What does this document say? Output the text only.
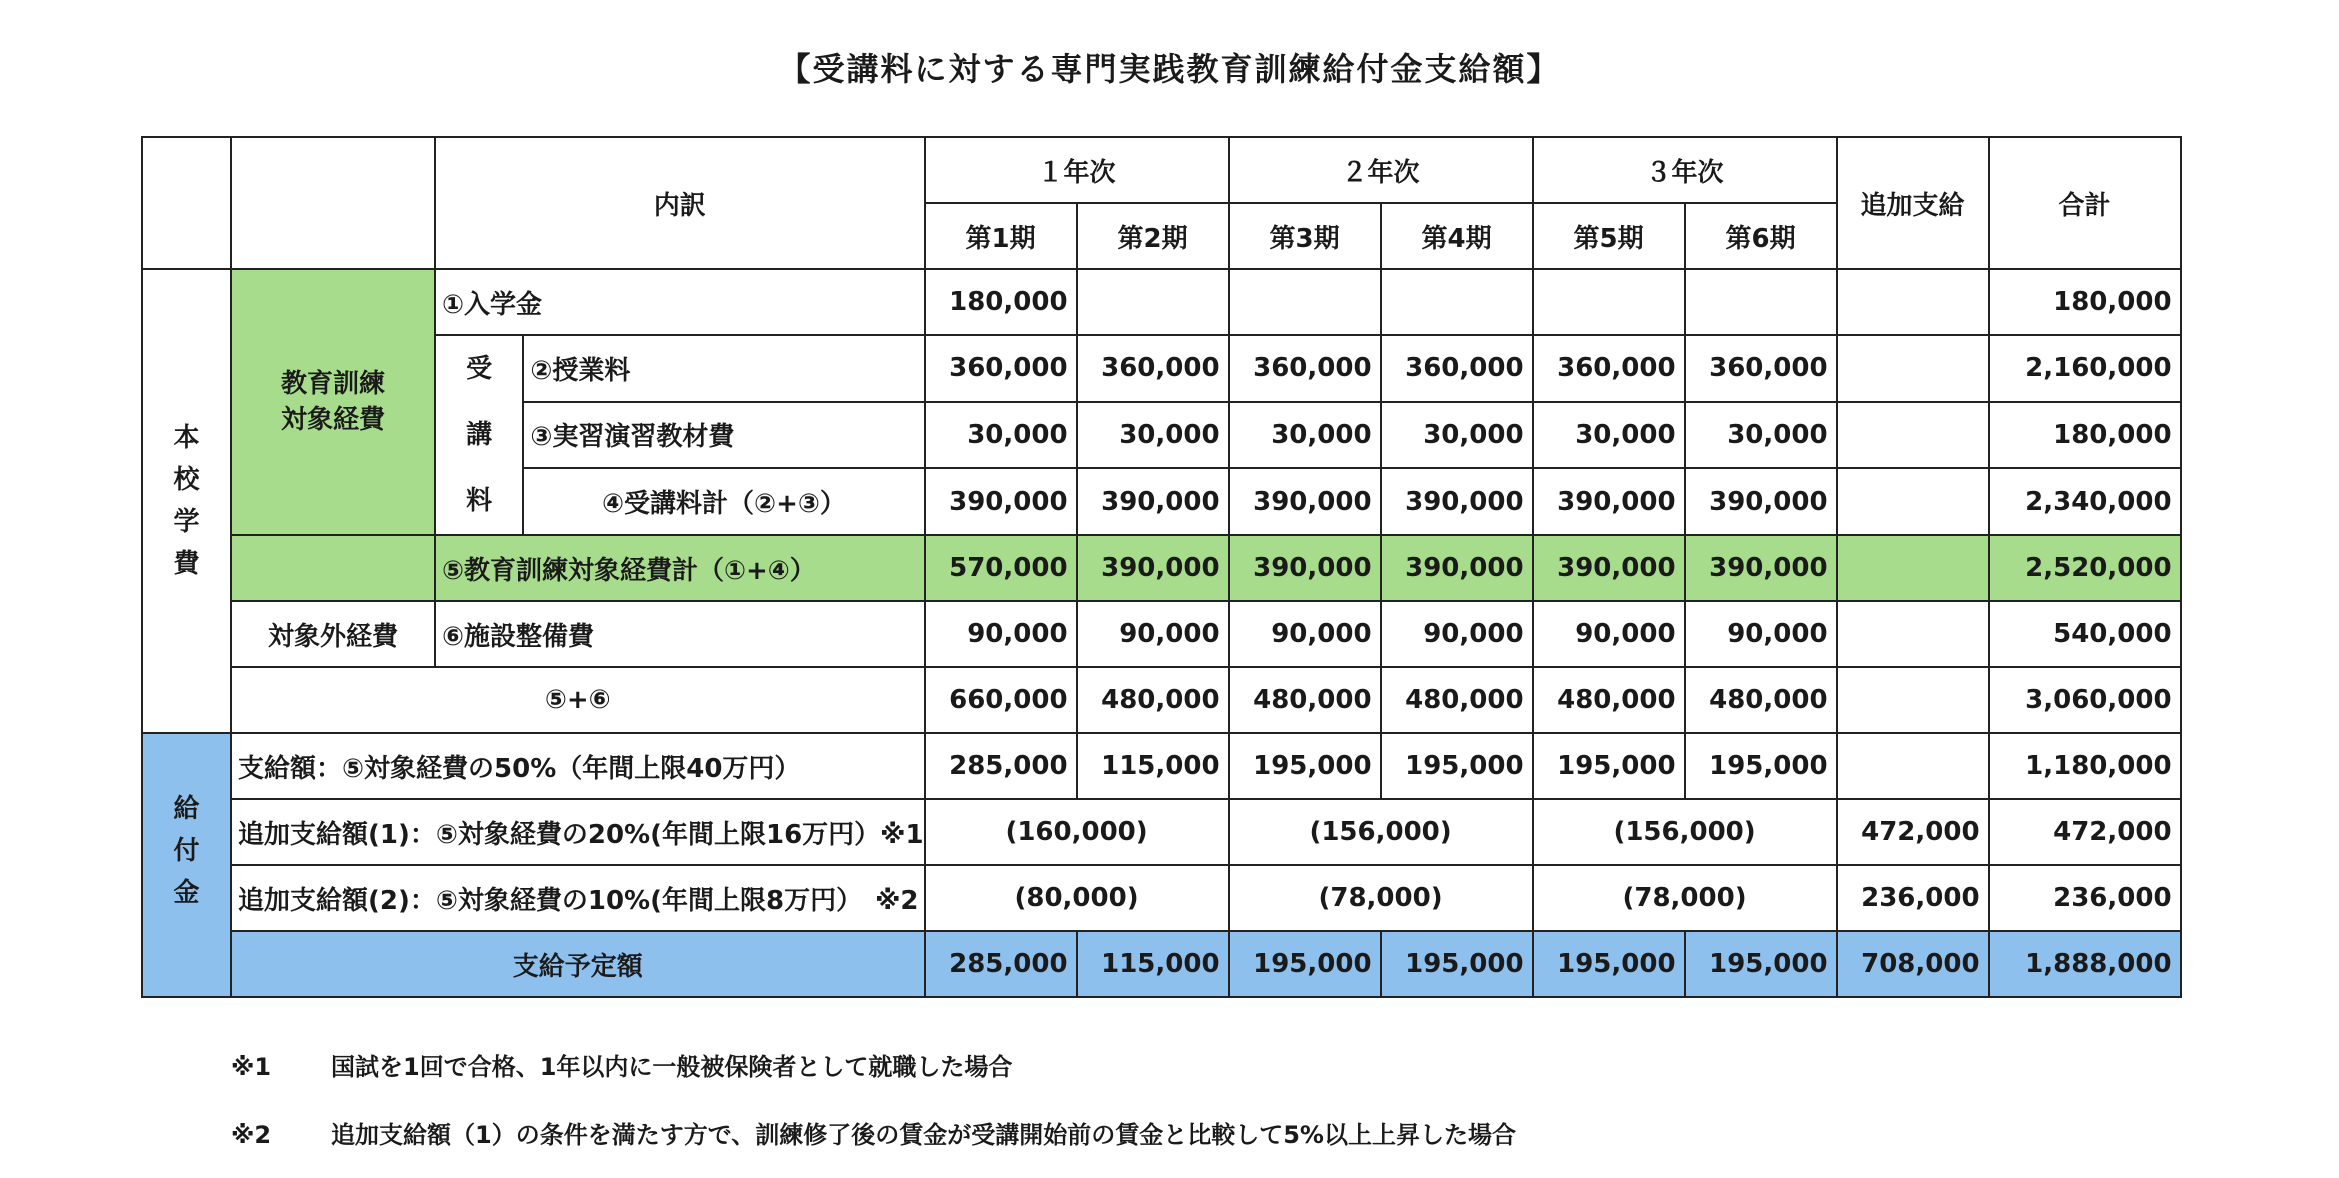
【受講料に対する専門実践教育訓練給付金支給額】
		内訳		１年次		２年次		３年次		追加支給	合計
				第1期	第2期	第3期	第4期	第5期	第6期		
本校学費	教育訓練対象経費	①入学金		180,000							180,000
		受講料	②授業料	360,000	360,000	360,000	360,000	360,000	360,000		2,160,000
			③実習演習教材費	30,000	30,000	30,000	30,000	30,000	30,000		180,000
			④受講料計（②+③）	390,000	390,000	390,000	390,000	390,000	390,000		2,340,000
		⑤教育訓練対象経費計（①+④）		570,000	390,000	390,000	390,000	390,000	390,000		2,520,000
	対象外経費	⑥施設整備費		90,000	90,000	90,000	90,000	90,000	90,000		540,000
	⑤+⑥			660,000	480,000	480,000	480,000	480,000	480,000		3,060,000
給付金	支給額：⑤対象経費の50%（年間上限40万円）			285,000	115,000	195,000	195,000	195,000	195,000		1,180,000
	追加支給額(1)：⑤対象経費の20%(年間上限16万円）※1			(160,000)		(156,000)		(156,000)		472,000	472,000
	追加支給額(2)：⑤対象経費の10%(年間上限8万円）　※2			(80,000)		(78,000)		(78,000)		236,000	236,000
	支給予定額			285,000	115,000	195,000	195,000	195,000	195,000	708,000	1,888,000
※1 国試を1回で合格、1年以内に一般被保険者として就職した場合
※2 追加支給額（1）の条件を満たす方で、訓練修了後の賃金が受講開始前の賃金と比較して5%以上上昇した場合
